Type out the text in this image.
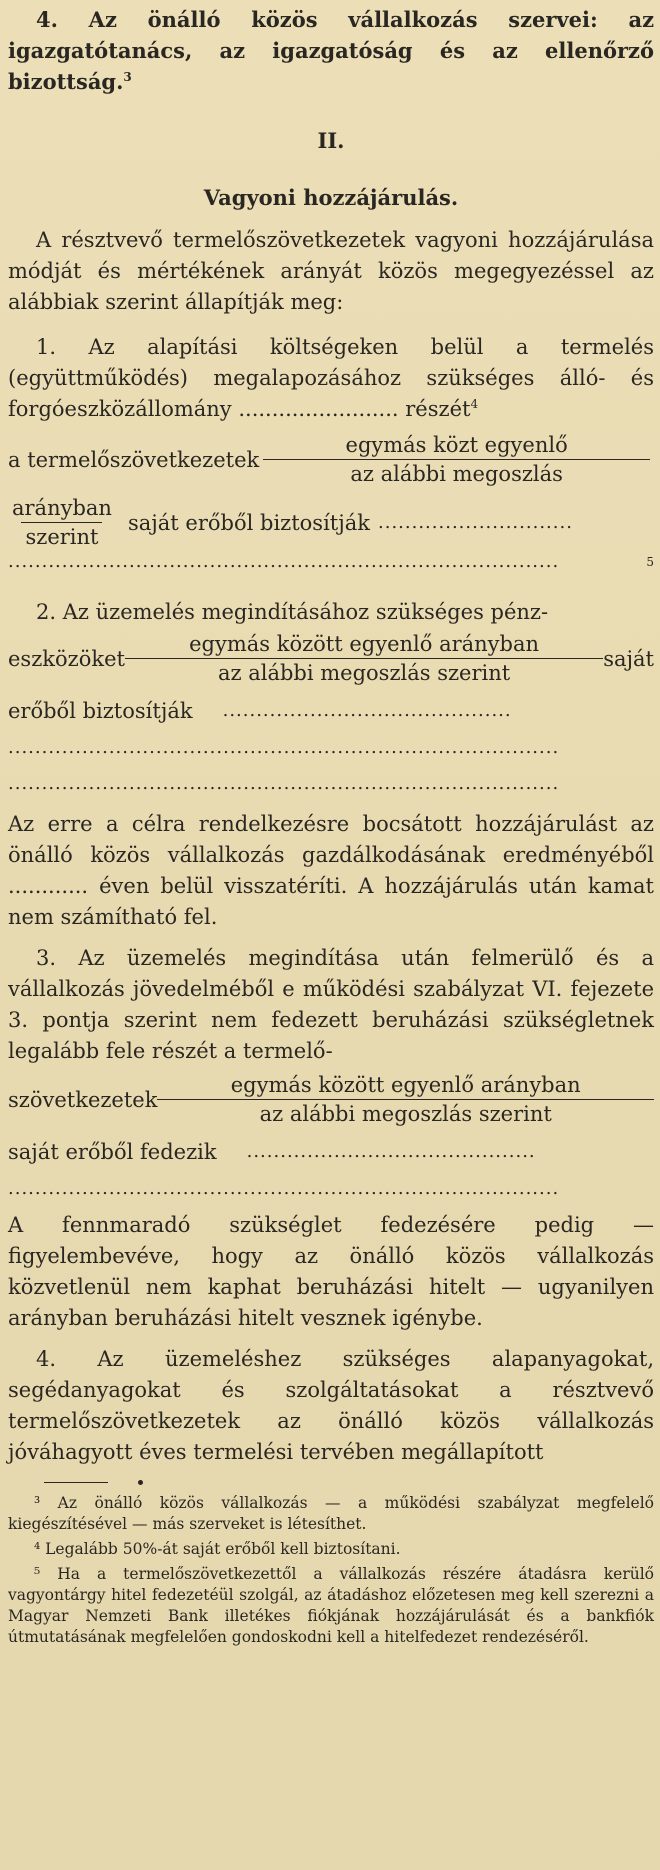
4. Az önálló közös vállalkozás szervei: az igazgatótanács, az igazgatóság és az ellenőrző bizottság.$^3$

II.

Vagyoni hozzájárulás.

A résztvevő termelőszövetkezetek vagyoni hozzájárulása módját és mértékének arányát közös megegyezéssel az alábbiak szerint állapítják meg:

1. Az alapítási költségeken belül a termelés (együttműködés) megalapozásához szükséges álló- és forgóeszközállomány ........................ részét$^4$

a termelőszövetkezetek $\frac{\text{egymás közt egyenlő}}{\text{az alábbi megoszlás}}$
$\frac{\text{arányban}}{\text{szerint}}$ saját erőből biztosítják .............................
..................................................................................	5

2. Az üzemelés megindításához szükséges pénz-

eszközöket $\frac{\text{egymás között egyenlő arányban}}{\text{az alábbi megoszlás szerint}}$ saját
erőből biztosítják ...........................................
..................................................................................
..................................................................................

Az erre a célra rendelkezésre bocsátott hozzájárulást az önálló közös vállalkozás gazdálkodásának eredményéből ............ éven belül visszatéríti. A hozzájárulás után kamat nem számítható fel.

3. Az üzemelés megindítása után felmerülő és a vállalkozás jövedelméből e működési szabályzat VI. fejezete 3. pontja szerint nem fedezett beruházási szükségletnek legalább fele részét a termelő-

szövetkezetek $\frac{\text{egymás között egyenlő arányban}}{\text{az alábbi megoszlás szerint}}$
saját erőből fedezik ...........................................
..................................................................................

A fennmaradó szükséglet fedezésére pedig — figyelembevéve, hogy az önálló közös vállalkozás közvetlenül nem kaphat beruházási hitelt — ugyanilyen arányban beruházási hitelt vesznek igénybe.

4. Az üzemeléshez szükséges alapanyagokat, segédanyagokat és szolgáltatásokat a résztvevő termelőszövetkezetek az önálló közös vállalkozás jóváhagyott éves termelési tervében megállapított

³ Az önálló közös vállalkozás — a működési szabályzat megfelelő kiegészítésével — más szerveket is létesíthet.

⁴ Legalább 50%-át saját erőből kell biztosítani.

⁵ Ha a termelőszövetkezettől a vállalkozás részére átadásra kerülő vagyontárgy hitel fedezetéül szolgál, az átadáshoz előzetesen meg kell szerezni a Magyar Nemzeti Bank illetékes fiókjának hozzájárulását és a bankfiók útmutatásának megfelelően gondoskodni kell a hitelfedezet rendezéséről.
